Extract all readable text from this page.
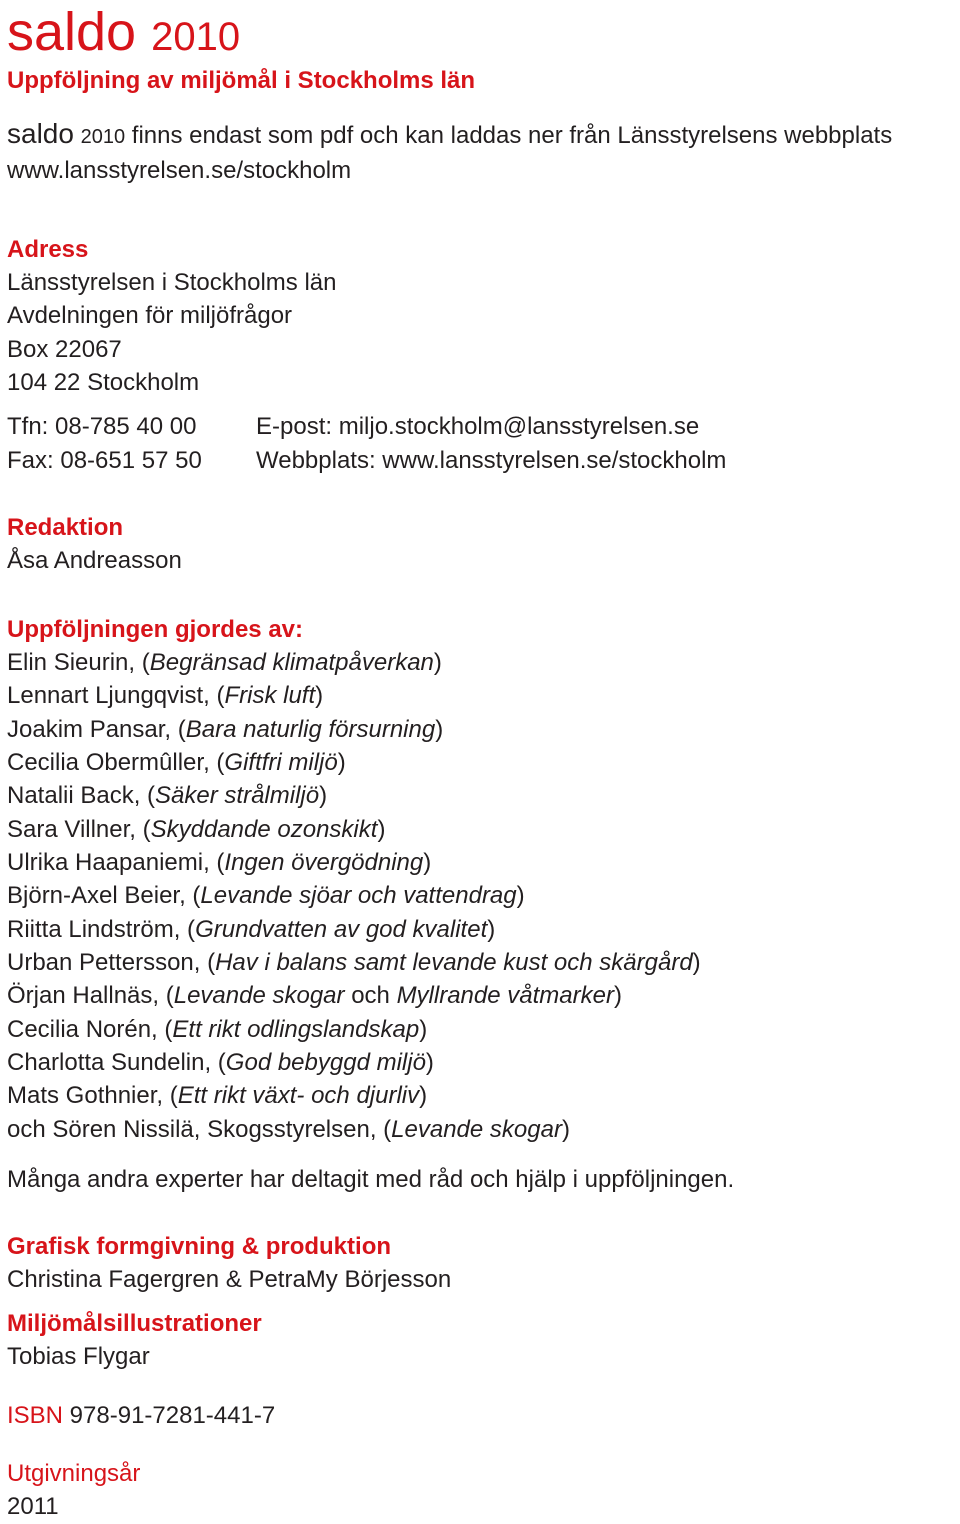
saldo 2010
Uppföljning av miljömål i Stockholms län
saldo 2010 finns endast som pdf och kan laddas ner från Länsstyrelsens webbplats
www.lansstyrelsen.se/stockholm
Adress
Länsstyrelsen i Stockholms län
Avdelningen för miljöfrågor
Box 22067
104 22 Stockholm
Tfn: 08-785 40 00 E-post: miljo.stockholm@lansstyrelsen.se
Fax: 08-651 57 50 Webbplats: www.lansstyrelsen.se/stockholm
Redaktion
Åsa Andreasson
Uppföljningen gjordes av:
Elin Sieurin, (Begränsad klimatpåverkan)
Lennart Ljungqvist, (Frisk luft)
Joakim Pansar, (Bara naturlig försurning)
Cecilia Obermûller, (Giftfri miljö)
Natalii Back, (Säker strålmiljö)
Sara Villner, (Skyddande ozonskikt)
Ulrika Haapaniemi, (Ingen övergödning)
Björn-Axel Beier, (Levande sjöar och vattendrag)
Riitta Lindström, (Grundvatten av god kvalitet)
Urban Pettersson, (Hav i balans samt levande kust och skärgård)
Örjan Hallnäs, (Levande skogar och Myllrande våtmarker)
Cecilia Norén, (Ett rikt odlingslandskap)
Charlotta Sundelin, (God bebyggd miljö)
Mats Gothnier, (Ett rikt växt- och djurliv)
och Sören Nissilä, Skogsstyrelsen, (Levande skogar)
Många andra experter har deltagit med råd och hjälp i uppföljningen.
Grafisk formgivning & produktion
Christina Fagergren & PetraMy Börjesson
Miljömålsillustrationer
Tobias Flygar
ISBN 978-91-7281-441-7
Utgivningsår
2011
